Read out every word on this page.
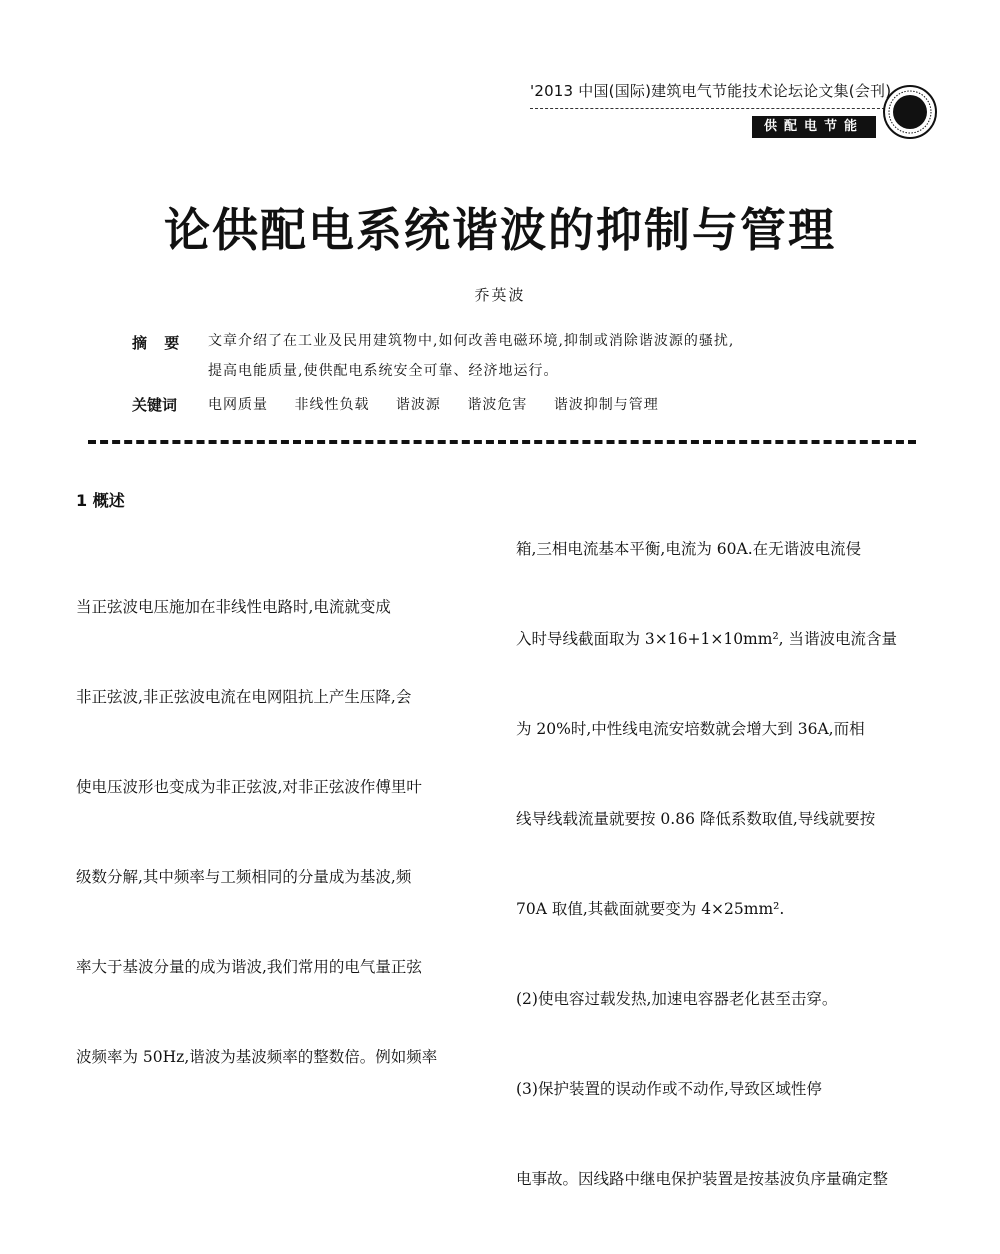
'2013 中国(国际)建筑电气节能技术论坛论文集(会刊)
供配电节能
论供配电系统谐波的抑制与管理
乔英波
摘 要 文章介绍了在工业及民用建筑物中,如何改善电磁环境,抑制或消除谐波源的骚扰,
提高电能质量,使供配电系统安全可靠、经济地运行。
关键词 电网质量 非线性负载 谐波源 谐波危害 谐波抑制与管理
1 概述

当正弦波电压施加在非线性电路时,电流就变成

非正弦波,非正弦波电流在电网阻抗上产生压降,会

使电压波形也变成为非正弦波,对非正弦波作傅里叶

级数分解,其中频率与工频相同的分量成为基波,频

率大于基波分量的成为谐波,我们常用的电气量正弦

波频率为 50Hz,谐波为基波频率的整数倍。例如频率

箱,三相电流基本平衡,电流为 60A.在无谐波电流侵

入时导线截面取为 3×16+1×10mm², 当谐波电流含量

为 20%时,中性线电流安培数就会增大到 36A,而相

线导线载流量就要按 0.86 降低系数取值,导线就要按

70A 取值,其截面就要变为 4×25mm².

(2)使电容过载发热,加速电容器老化甚至击穿。

(3)保护装置的误动作或不动作,导致区域性停

电事故。因线路中继电保护装置是按基波负序量确定整
